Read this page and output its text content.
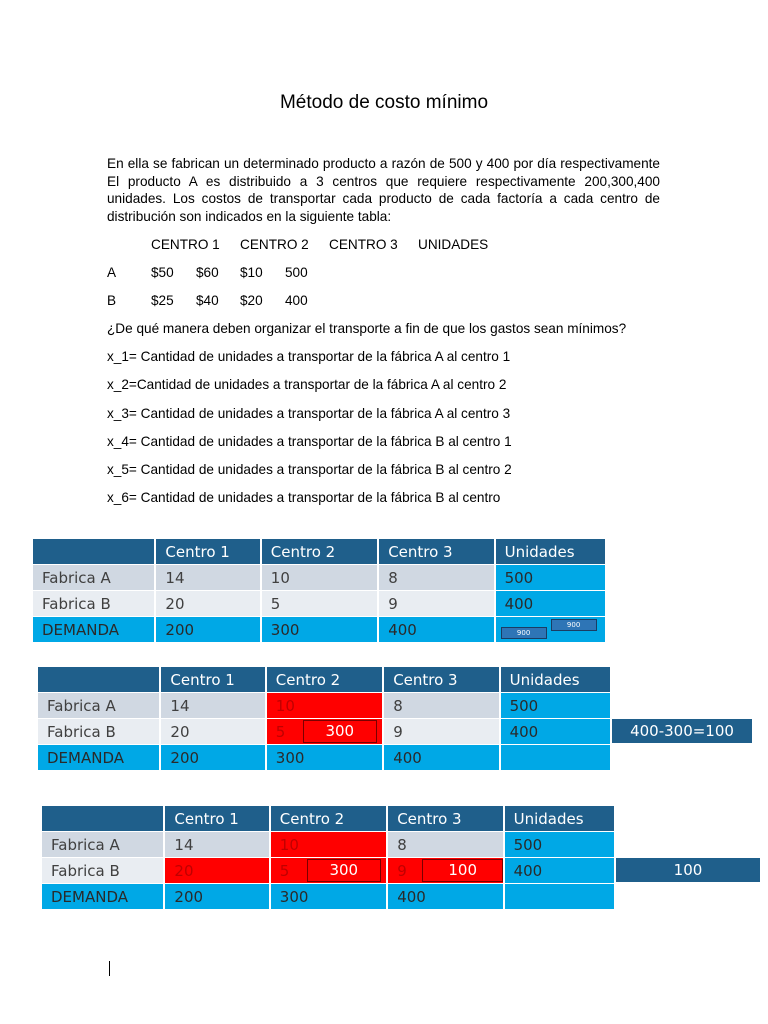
Método de costo mínimo
En ella se fabrican un determinado producto a razón de 500 y 400 por día respectivamente El producto A es distribuido a 3 centros que requiere respectivamente 200,300,400 unidades. Los costos de transportar cada producto de cada factoría a cada centro de distribución son indicados en la siguiente tabla:
CENTRO 1 CENTRO 2 CENTRO 3 UNIDADES
A	$50 $60 $10 500
B	$25 $40 $20 400
¿De qué manera deben organizar el transporte a fin de que los gastos sean mínimos?
x_1= Cantidad de unidades a transportar de la fábrica A al centro 1
x_2=Cantidad de unidades a transportar de la fábrica A al centro 2
x_3= Cantidad de unidades a transportar de la fábrica A al centro 3
x_4= Cantidad de unidades a transportar de la fábrica B al centro 1
x_5= Cantidad de unidades a transportar de la fábrica B al centro 2
x_6= Cantidad de unidades a transportar de la fábrica B al centro
	Centro 1	Centro 2	Centro 3	Unidades
Fabrica A	14	10	8	500
Fabrica B	20	5	9	400
DEMANDA	200	300	400	900
900
	Centro 1	Centro 2	Centro 3	Unidades
Fabrica A	14	10	8	500
Fabrica B	20	5 300	9	400
DEMANDA	200	300	400	
400-300=100
	Centro 1	Centro 2	Centro 3	Unidades
Fabrica A	14	10	8	500
Fabrica B	20	5 300	9 100	400
DEMANDA	200	300	400	
100
